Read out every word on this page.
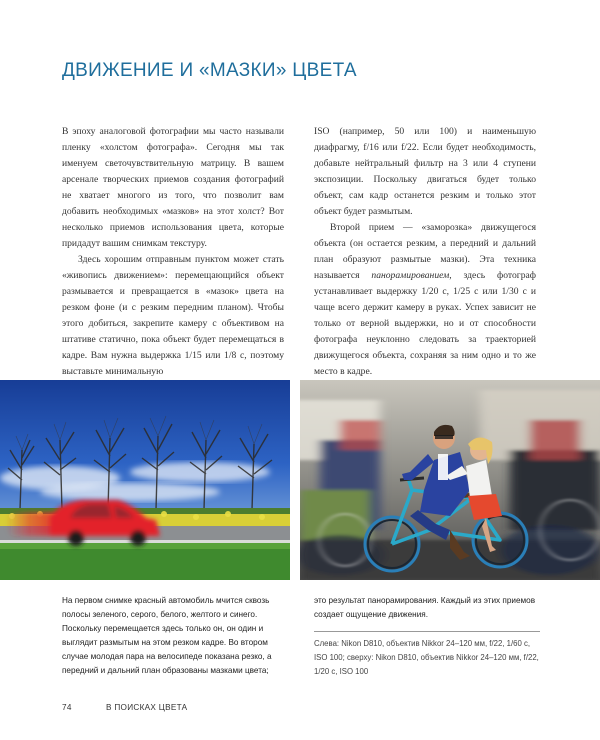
ДВИЖЕНИЕ И «МАЗКИ» ЦВЕТА

В эпоху аналоговой фотографии мы часто называли пленку «холстом фотографа». Сегодня мы так именуем светочувствительную матрицу. В вашем арсенале творческих приемов создания фотографий не хватает многого из того, что позволит вам добавить необходимых «мазков» на этот холст? Вот несколько приемов использования цвета, которые придадут вашим снимкам текстуру.

Здесь хорошим отправным пунктом может стать «живопись движением»: перемещающийся объект размывается и превращается в «мазок» цвета на резком фоне (и с резким передним планом). Чтобы этого добиться, закрепите камеру с объективом на штативе статично, пока объект будет перемещаться в кадре. Вам нужна выдержка 1/15 или 1/8 с, поэтому выставьте минимальную

ISO (например, 50 или 100) и наименьшую диафрагму, f/16 или f/22. Если будет необходимость, добавьте нейтральный фильтр на 3 или 4 ступени экспозиции. Поскольку двигаться будет только объект, сам кадр останется резким и только этот объект будет размытым.

Второй прием — «заморозка» движущегося объекта (он остается резким, а передний и дальний план образуют размытые мазки). Эта техника называется панорамированием, здесь фотограф устанавливает выдержку 1/20 с, 1/25 с или 1/30 с и чаще всего держит камеру в руках. Успех зависит не только от верной выдержки, но и от способности фотографа неуклонно следовать за траекторией движущегося объекта, сохраняя за ним одно и то же место в кадре.

На первом снимке красный автомобиль мчится сквозь полосы зеленого, серого, белого, желтого и синего. Поскольку перемещается здесь только он, он один и выглядит размытым на этом резком кадре. Во втором случае молодая пара на велосипеде показана резко, а передний и дальний план образованы мазками цвета;

это результат панорамирования. Каждый из этих приемов создает ощущение движения.

Слева: Nikon D810, объектив Nikkor 24–120 мм, f/22, 1/60 с, ISO 100; сверху: Nikon D810, объектив Nikkor 24–120 мм, f/22, 1/20 с, ISO 100

74	В ПОИСКАХ ЦВЕТА
